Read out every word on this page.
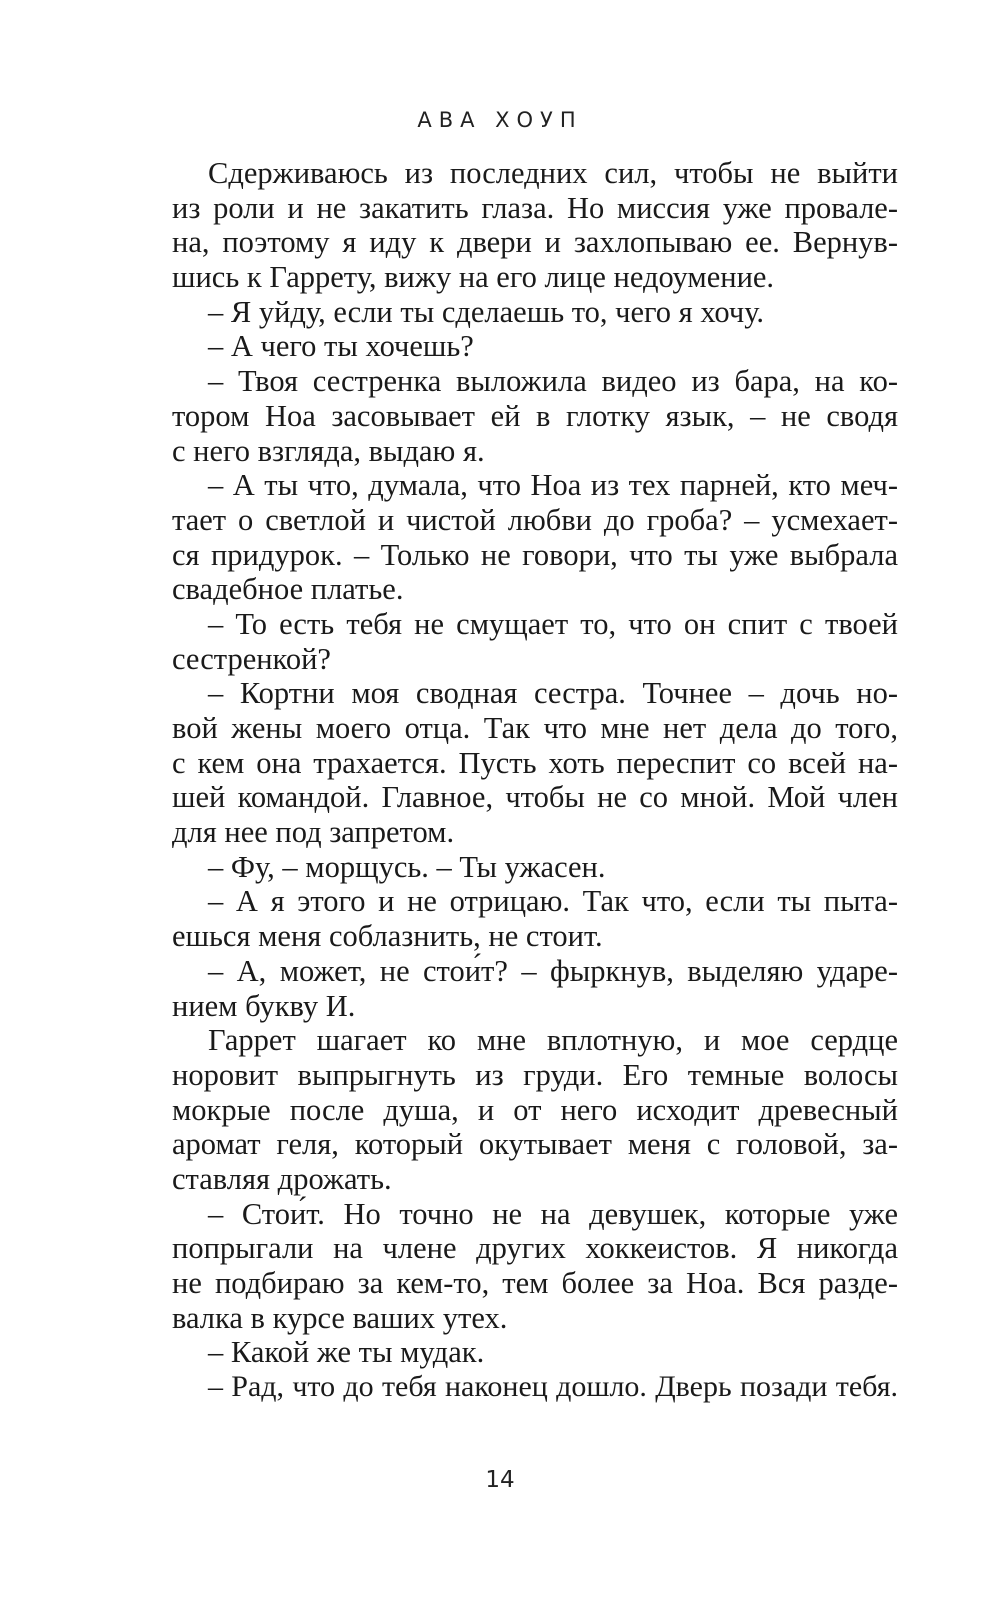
АВА ХОУП
Сдерживаюсь из последних сил, чтобы не выйти
из роли и не закатить глаза. Но миссия уже провале-
на, поэтому я иду к двери и захлопываю ее. Вернув-
шись к Гаррету, вижу на его лице недоумение.
– Я уйду, если ты сделаешь то, чего я хочу.
– А чего ты хочешь?
– Твоя сестренка выложила видео из бара, на ко-
тором Ноа засовывает ей в глотку язык, – не сводя
с него взгляда, выдаю я.
– А ты что, думала, что Ноа из тех парней, кто меч-
тает о светлой и чистой любви до гроба? – усмехает-
ся придурок. – Только не говори, что ты уже выбрала
свадебное платье.
– То есть тебя не смущает то, что он спит с твоей
сестренкой?
– Кортни моя сводная сестра. Точнее – дочь но-
вой жены моего отца. Так что мне нет дела до того,
с кем она трахается. Пусть хоть переспит со всей на-
шей командой. Главное, чтобы не со мной. Мой член
для нее под запретом.
– Фу, – морщусь. – Ты ужасен.
– А я этого и не отрицаю. Так что, если ты пыта-
ешься меня соблазнить, не стоит.
– А, может, не стои́т? – фыркнув, выделяю ударе-
нием букву И.
Гаррет шагает ко мне вплотную, и мое сердце
норовит выпрыгнуть из груди. Его темные волосы
мокрые после душа, и от него исходит древесный
аромат геля, который окутывает меня с головой, за-
ставляя дрожать.
– Стои́т. Но точно не на девушек, которые уже
попрыгали на члене других хоккеистов. Я никогда
не подбираю за кем-то, тем более за Ноа. Вся разде-
валка в курсе ваших утех.
– Какой же ты мудак.
– Рад, что до тебя наконец дошло. Дверь позади тебя.
14
